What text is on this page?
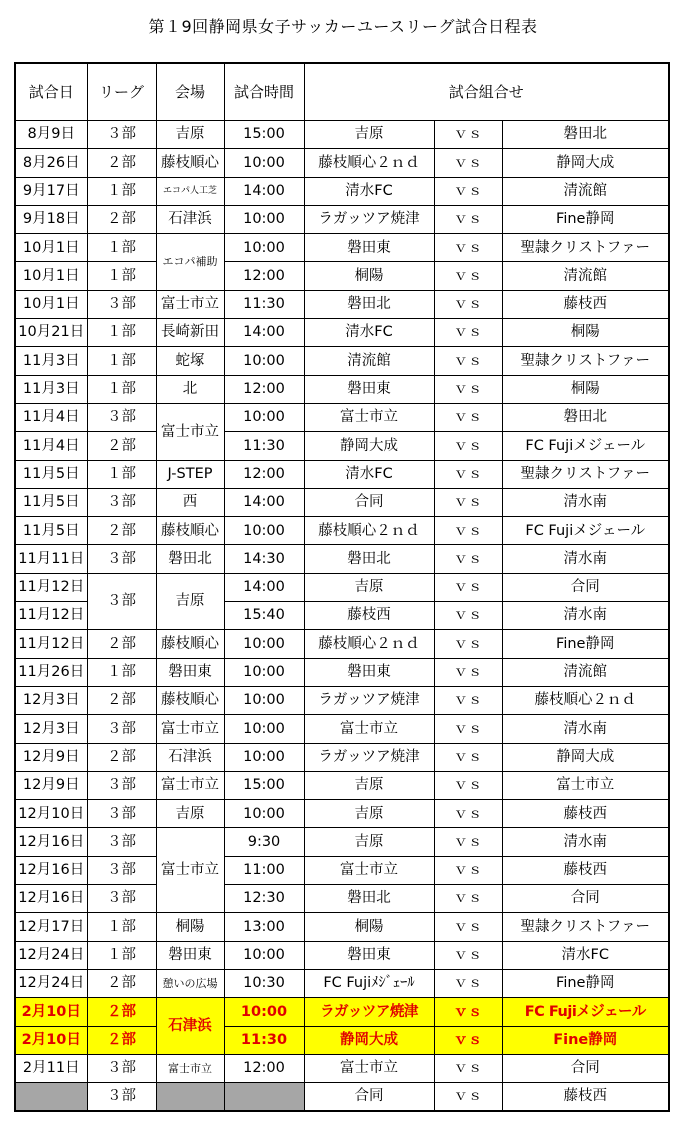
第１9回静岡県女子サッカーユースリーグ試合日程表
試合日	リーグ	会場	試合時間	試合組合せ		
8月9日	３部	吉原	15:00	吉原	ｖｓ	磐田北
8月26日	２部	藤枝順心	10:00	藤枝順心２ｎｄ	ｖｓ	静岡大成
9月17日	１部	エコパ人工芝	14:00	清水FC	ｖｓ	清流館
9月18日	２部	石津浜	10:00	ラガッツア焼津	ｖｓ	Fine静岡
10月1日	１部	エコパ補助	10:00	磐田東	ｖｓ	聖隷クリストファー
10月1日	１部		12:00	桐陽	ｖｓ	清流館
10月1日	３部	富士市立	11:30	磐田北	ｖｓ	藤枝西
10月21日	１部	長崎新田	14:00	清水FC	ｖｓ	桐陽
11月3日	１部	蛇塚	10:00	清流館	ｖｓ	聖隷クリストファー
11月3日	１部	北	12:00	磐田東	ｖｓ	桐陽
11月4日	３部	富士市立	10:00	富士市立	ｖｓ	磐田北
11月4日	２部		11:30	静岡大成	ｖｓ	FC Fujiメジェール
11月5日	１部	J-STEP	12:00	清水FC	ｖｓ	聖隷クリストファー
11月5日	３部	西	14:00	合同	ｖｓ	清水南
11月5日	２部	藤枝順心	10:00	藤枝順心２ｎｄ	ｖｓ	FC Fujiメジェール
11月11日	３部	磐田北	14:30	磐田北	ｖｓ	清水南
11月12日	３部	吉原	14:00	吉原	ｖｓ	合同
11月12日			15:40	藤枝西	ｖｓ	清水南
11月12日	２部	藤枝順心	10:00	藤枝順心２ｎｄ	ｖｓ	Fine静岡
11月26日	１部	磐田東	10:00	磐田東	ｖｓ	清流館
12月3日	２部	藤枝順心	10:00	ラガッツア焼津	ｖｓ	藤枝順心２ｎｄ
12月3日	３部	富士市立	10:00	富士市立	ｖｓ	清水南
12月9日	２部	石津浜	10:00	ラガッツア焼津	ｖｓ	静岡大成
12月9日	３部	富士市立	15:00	吉原	ｖｓ	富士市立
12月10日	３部	吉原	10:00	吉原	ｖｓ	藤枝西
12月16日	３部	富士市立	9:30	吉原	ｖｓ	清水南
12月16日	３部		11:00	富士市立	ｖｓ	藤枝西
12月16日	３部		12:30	磐田北	ｖｓ	合同
12月17日	１部	桐陽	13:00	桐陽	ｖｓ	聖隷クリストファー
12月24日	１部	磐田東	10:00	磐田東	ｖｓ	清水FC
12月24日	２部	憩いの広場	10:30	FC Fujiﾒｼﾞｪｰﾙ	ｖｓ	Fine静岡
2月10日	２部	石津浜	10:00	ラガッツア焼津	ｖｓ	FC Fujiメジェール
2月10日	２部		11:30	静岡大成	ｖｓ	Fine静岡
2月11日	３部	富士市立	12:00	富士市立	ｖｓ	合同
	３部			合同	ｖｓ	藤枝西
